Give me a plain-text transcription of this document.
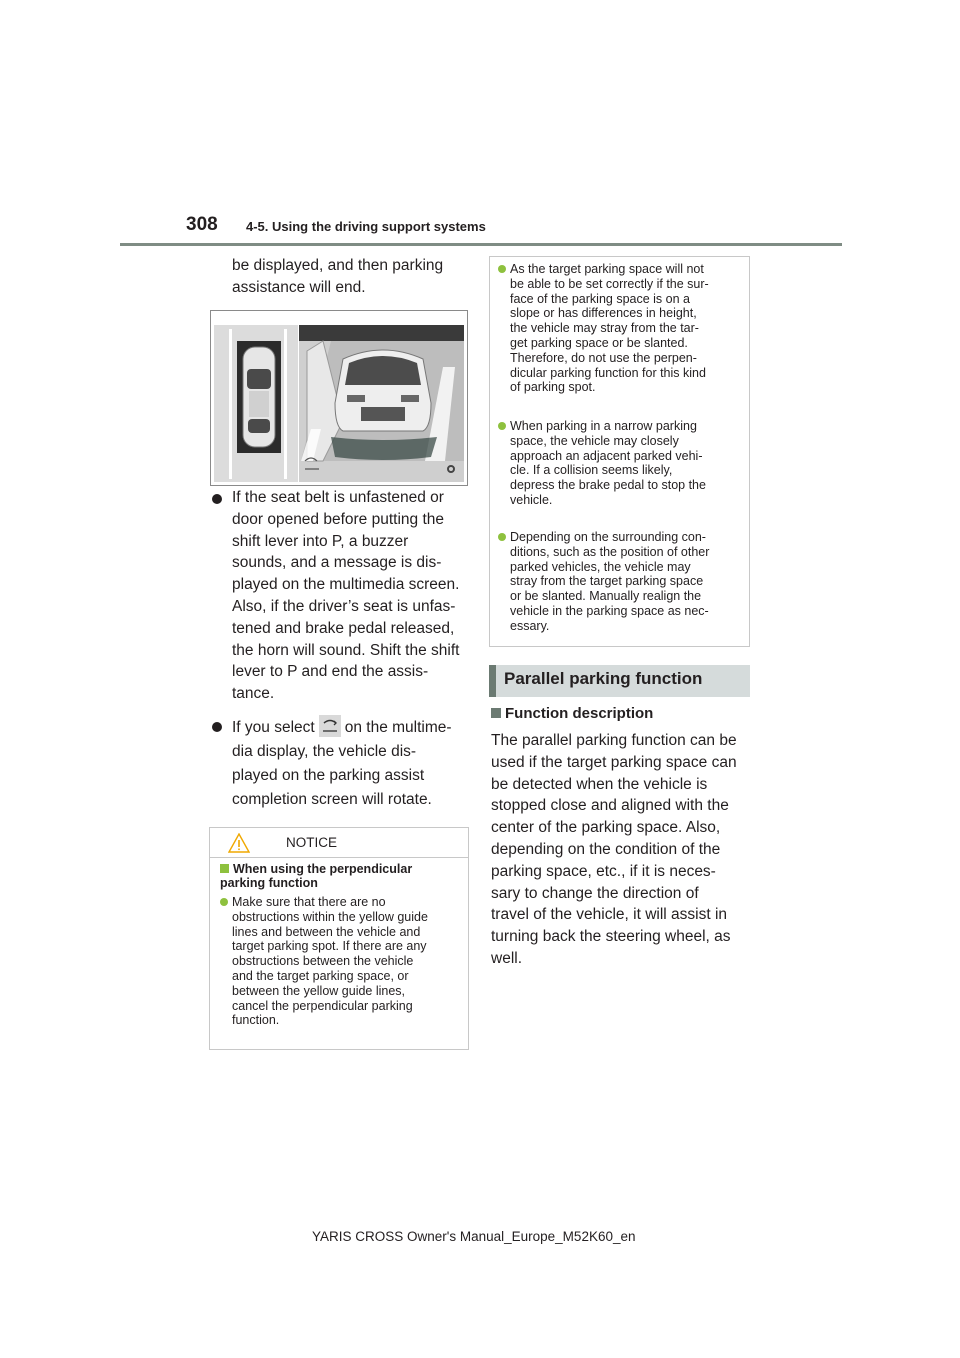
308 4-5. Using the driving support systems
be displayed, and then parking
assistance will end.
If the seat belt is unfastened or
door opened before putting the
shift lever into P, a buzzer
sounds, and a message is dis-
played on the multimedia screen.
Also, if the driver’s seat is unfas-
tened and brake pedal released,
the horn will sound. Shift the shift
lever to P and end the assis-
tance.
If you select on the multime-
dia display, the vehicle dis-
played on the parking assist
completion screen will rotate.
NOTICE
When using the perpendicular parking function
Make sure that there are no
obstructions within the yellow guide
lines and between the vehicle and
target parking spot. If there are any
obstructions between the vehicle
and the target parking space, or
between the yellow guide lines,
cancel the perpendicular parking
function.
As the target parking space will not
be able to be set correctly if the sur-
face of the parking space is on a
slope or has differences in height,
the vehicle may stray from the tar-
get parking space or be slanted.
Therefore, do not use the perpen-
dicular parking function for this kind
of parking spot.
When parking in a narrow parking
space, the vehicle may closely
approach an adjacent parked vehi-
cle. If a collision seems likely,
depress the brake pedal to stop the
vehicle.
Depending on the surrounding con-
ditions, such as the position of other
parked vehicles, the vehicle may
stray from the target parking space
or be slanted. Manually realign the
vehicle in the parking space as nec-
essary.
Parallel parking function
Function description
The parallel parking function can be
used if the target parking space can
be detected when the vehicle is
stopped close and aligned with the
center of the parking space. Also,
depending on the condition of the
parking space, etc., if it is neces-
sary to change the direction of
travel of the vehicle, it will assist in
turning back the steering wheel, as
well.
YARIS CROSS Owner's Manual_Europe_M52K60_en
